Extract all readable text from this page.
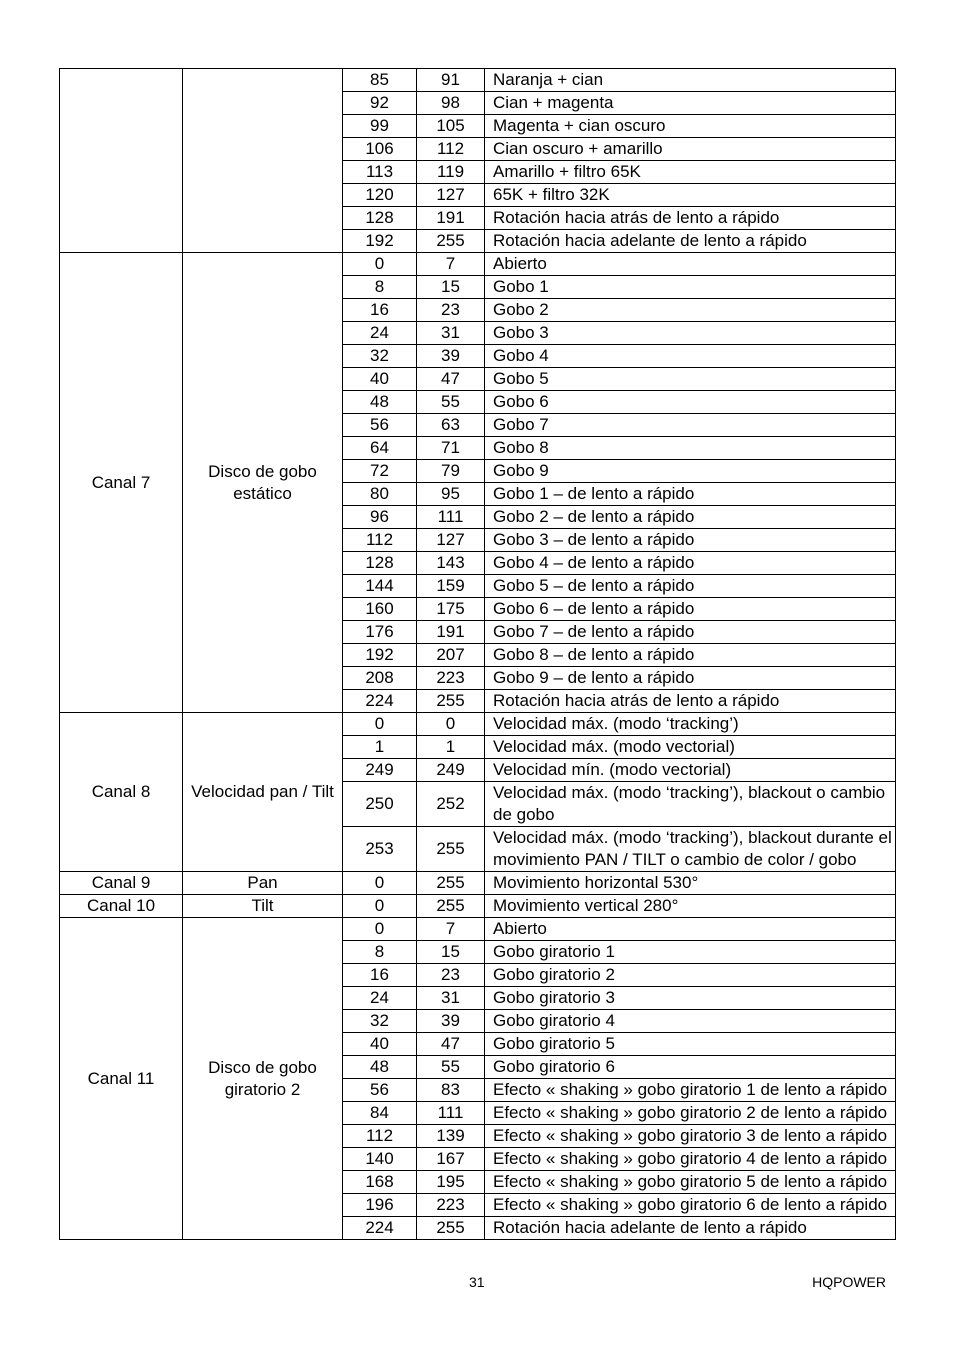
		85	91	Naranja + cian
		92	98	Cian + magenta
		99	105	Magenta + cian oscuro
		106	112	Cian oscuro + amarillo
		113	119	Amarillo + filtro 65K
		120	127	65K + filtro 32K
		128	191	Rotación hacia atrás de lento a rápido
		192	255	Rotación hacia adelante de lento a rápido
Canal 7	Disco de gobo estático	0	7	Abierto
		8	15	Gobo 1
		16	23	Gobo 2
		24	31	Gobo 3
		32	39	Gobo 4
		40	47	Gobo 5
		48	55	Gobo 6
		56	63	Gobo 7
		64	71	Gobo 8
		72	79	Gobo 9
		80	95	Gobo 1 – de lento a rápido
		96	111	Gobo 2 – de lento a rápido
		112	127	Gobo 3 – de lento a rápido
		128	143	Gobo 4 – de lento a rápido
		144	159	Gobo 5 – de lento a rápido
		160	175	Gobo 6 – de lento a rápido
		176	191	Gobo 7 – de lento a rápido
		192	207	Gobo 8 – de lento a rápido
		208	223	Gobo 9 – de lento a rápido
		224	255	Rotación hacia atrás de lento a rápido
Canal 8	Velocidad pan / Tilt	0	0	Velocidad máx. (modo ‘tracking’)
		1	1	Velocidad máx. (modo vectorial)
		249	249	Velocidad mín. (modo vectorial)
		250	252	Velocidad máx. (modo ‘tracking’), blackout o cambio de gobo
		253	255	Velocidad máx. (modo ‘tracking’), blackout durante el movimiento PAN / TILT o cambio de color / gobo
Canal 9	Pan	0	255	Movimiento horizontal 530°
Canal 10	Tilt	0	255	Movimiento vertical 280°
Canal 11	Disco de gobo giratorio 2	0	7	Abierto
		8	15	Gobo giratorio 1
		16	23	Gobo giratorio 2
		24	31	Gobo giratorio 3
		32	39	Gobo giratorio 4
		40	47	Gobo giratorio 5
		48	55	Gobo giratorio 6
		56	83	Efecto « shaking » gobo giratorio 1 de lento a rápido
		84	111	Efecto « shaking » gobo giratorio 2 de lento a rápido
		112	139	Efecto « shaking » gobo giratorio 3 de lento a rápido
		140	167	Efecto « shaking » gobo giratorio 4 de lento a rápido
		168	195	Efecto « shaking » gobo giratorio 5 de lento a rápido
		196	223	Efecto « shaking » gobo giratorio 6 de lento a rápido
		224	255	Rotación hacia adelante de lento a rápido
31	HQPOWER
